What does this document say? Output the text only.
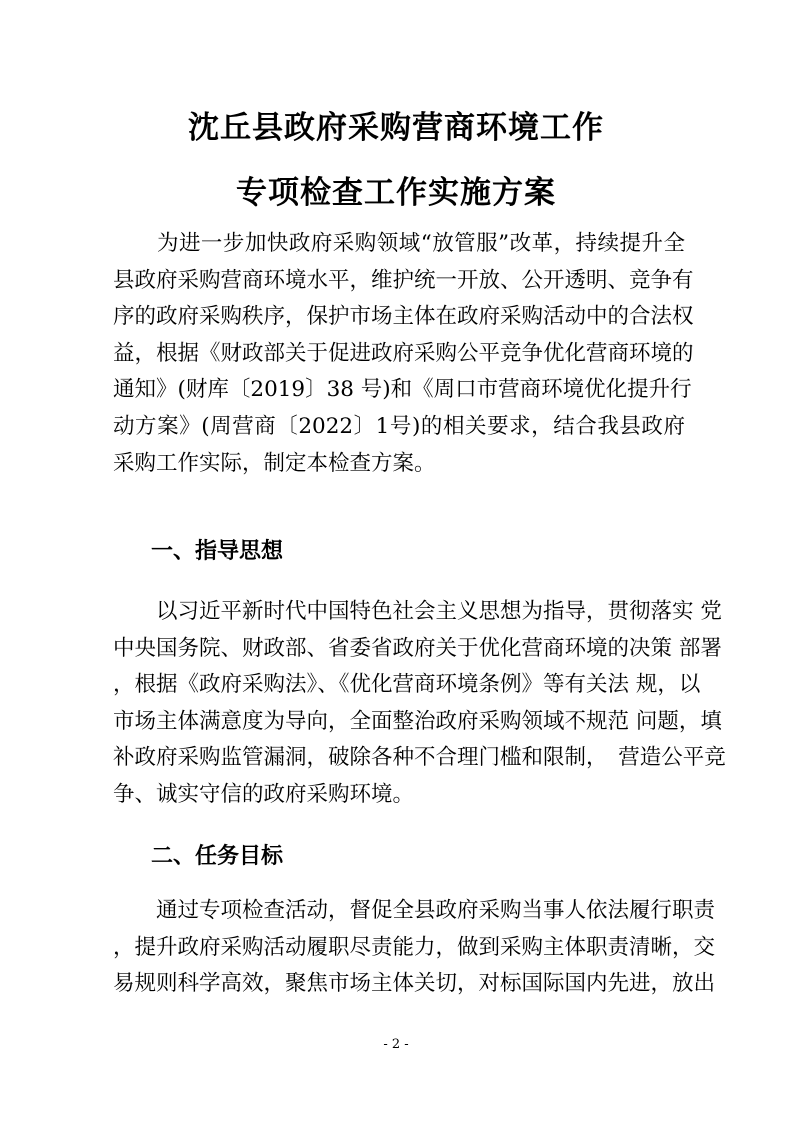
沈丘县政府采购营商环境工作
专项检查工作实施方案
　　为进一步加快政府采购领域“放管服”改革，持续提升全
县政府采购营商环境水平，维护统一开放、公开透明、竞争有
序的政府采购秩序，保护市场主体在政府采购活动中的合法权
益，根据《财政部关于促进政府采购公平竞争优化营商环境的
通知》(财库〔2019〕38 号)和《周口市营商环境优化提升行
动方案》(周营商〔2022〕1号)的相关要求，结合我县政府
采购工作实际，制定本检查方案。
一、指导思想
　　以习近平新时代中国特色社会主义思想为指导，贯彻落实 党
中央国务院、财政部、省委省政府关于优化营商环境的决策 部署
，根据《政府采购法》、《优化营商环境条例》等有关法 规，以
市场主体满意度为导向，全面整治政府采购领域不规范 问题，填
补政府采购监管漏洞，破除各种不合理门槛和限制，　营造公平竞
争、诚实守信的政府采购环境。
二、任务目标
　　通过专项检查活动，督促全县政府采购当事人依法履行职责
，提升政府采购活动履职尽责能力，做到采购主体职责清晰，交
易规则科学高效，聚焦市场主体关切，对标国际国内先进，放出
- 2 -
